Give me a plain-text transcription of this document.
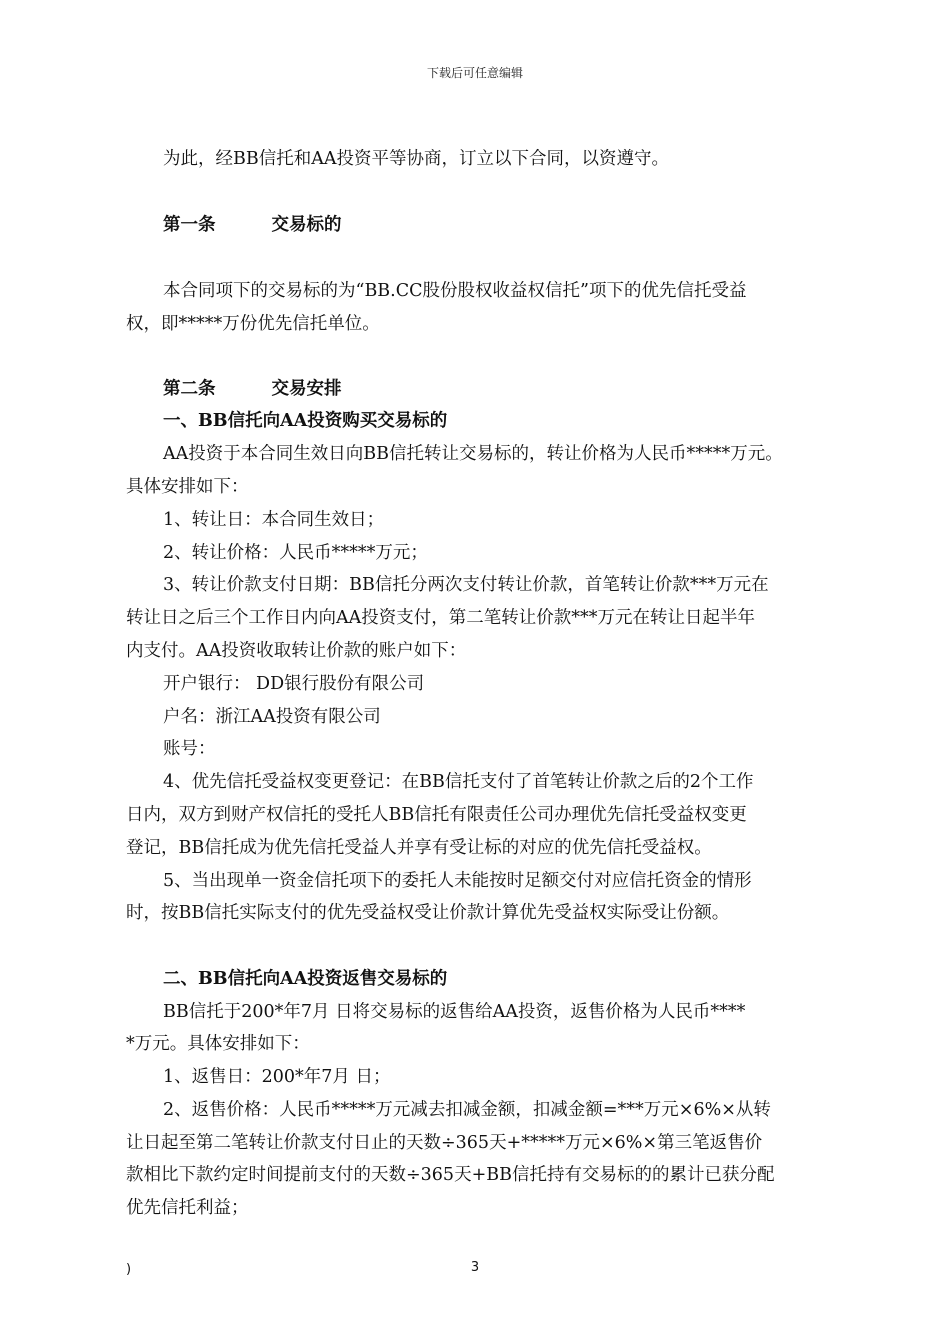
下载后可任意编辑
为此，经BB信托和AA投资平等协商，订立以下合同，以资遵守。
第一条	交易标的
本合同项下的交易标的为“BB.CC股份股权收益权信托”项下的优先信托受益
权，即*****万份优先信托单位。
第二条	交易安排
一、BB信托向AA投资购买交易标的
AA投资于本合同生效日向BB信托转让交易标的，转让价格为人民币*****万元。
具体安排如下：
1、转让日：本合同生效日；
2、转让价格：人民币*****万元；
3、转让价款支付日期：BB信托分两次支付转让价款，首笔转让价款***万元在
转让日之后三个工作日内向AA投资支付，第二笔转让价款***万元在转让日起半年
内支付。AA投资收取转让价款的账户如下：
开户银行： DD银行股份有限公司
户名：浙江AA投资有限公司
账号：
4、优先信托受益权变更登记：在BB信托支付了首笔转让价款之后的2个工作
日内，双方到财产权信托的受托人BB信托有限责任公司办理优先信托受益权变更
登记，BB信托成为优先信托受益人并享有受让标的对应的优先信托受益权。
5、当出现单一资金信托项下的委托人未能按时足额交付对应信托资金的情形
时，按BB信托实际支付的优先受益权受让价款计算优先受益权实际受让份额。
二、BB信托向AA投资返售交易标的
BB信托于200*年7月 日将交易标的返售给AA投资，返售价格为人民币****
*万元。具体安排如下：
1、返售日：200*年7月 日；
2、返售价格：人民币*****万元减去扣减金额，扣减金额=***万元×6%×从转
让日起至第二笔转让价款支付日止的天数÷365天+*****万元×6%×第三笔返售价
款相比下款约定时间提前支付的天数÷365天+BB信托持有交易标的的累计已获分配
优先信托利益；
)	3
